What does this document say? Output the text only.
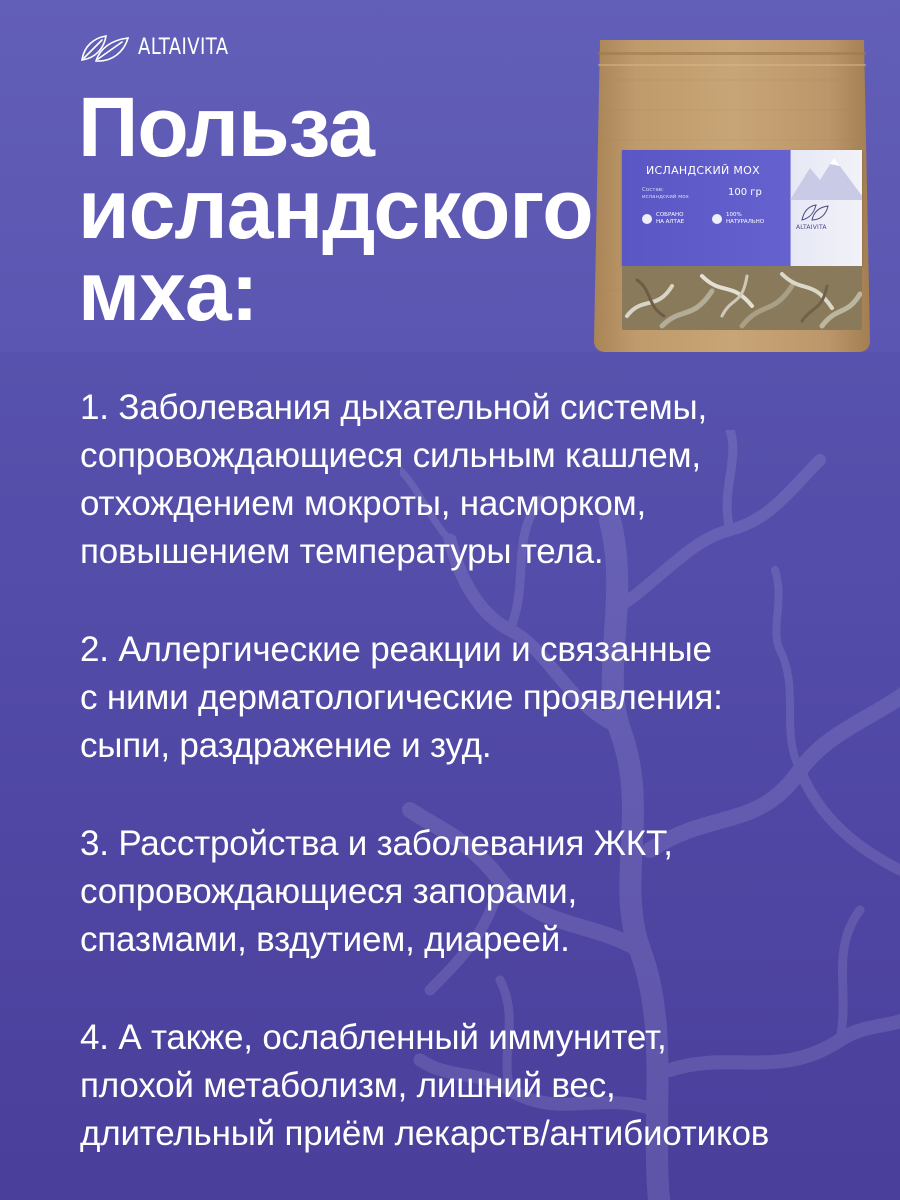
ALTAIVITA
Польза
исландского
мха:
ИСЛАНДСКИЙ МОХ
Состав:
исландский мох	100 гр
СОБРАНО
НА АЛТАЕ
100%
НАТУРАЛЬНО
ALTAIVITA
1. Заболевания дыхательной системы,
сопровождающиеся сильным кашлем,
отхождением мокроты, насморком,
повышением температуры тела.
2. Аллергические реакции и связанные
с ними дерматологические проявления:
сыпи, раздражение и зуд.
3. Расстройства и заболевания ЖКТ,
сопровождающиеся запорами,
спазмами, вздутием, диареей.
4. А также, ослабленный иммунитет,
плохой метаболизм, лишний вес,
длительный приём лекарств/антибиотиков
